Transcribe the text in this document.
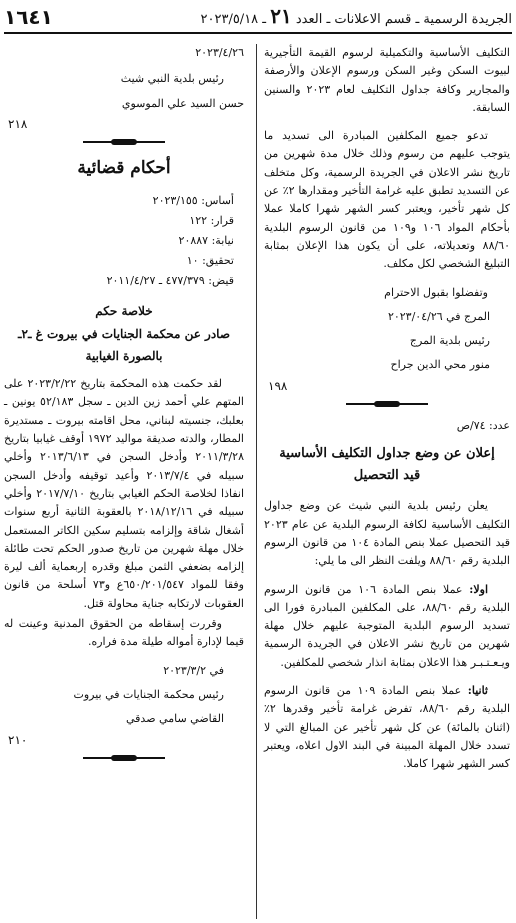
الجريدة الرسمية ـ قسم الاعلانات ـ العدد ٢١ ـ ٢٠٢٣/٥/١٨
١٦٤١
التكليف الأساسية والتكميلية لرسوم القيمة التأجيرية لبيوت السكن وغير السكن ورسوم الإعلان والأرصفة والمجارير وكافة جداول التكليف لعام ٢٠٢٣ والسنين السابقة.
تدعو جميع المكلفين المبادرة الى تسديد ما يتوجب عليهم من رسوم وذلك خلال مدة شهرين من تاريخ نشر الاعلان في الجريدة الرسمية، وكل متخلف عن التسديد تطبق عليه غرامة التأخير ومقدارها ٢٪ عن كل شهر تأخير، ويعتبر كسر الشهر شهرا كاملا عملا بأحكام المواد ١٠٦ و١٠٩ من قانون الرسوم البلدية ٨٨/٦٠ وتعديلاته، على أن يكون هذا الإعلان بمثابة التبليغ الشخصي لكل مكلف.
وتفضلوا بقبول الاحترام
المرج في ٢٠٢٣/٠٤/٢٦
رئيس بلدية المرج
منور محي الدين جراح
١٩٨
عدد: ٧٤/ص
إعلان عن وضع جداول التكليف الأساسية
قيد التحصيل
يعلن رئيس بلدية النبي شيث عن وضع جداول التكليف الأساسية لكافة الرسوم البلدية عن عام ٢٠٢٣ قيد التحصيل عملا بنص المادة ١٠٤ من قانون الرسوم البلدية رقم ٨٨/٦٠ ويلفت النظر الى ما يلي:
اولا: عملا بنص المادة ١٠٦ من قانون الرسوم البلدية رقم ٨٨/٦٠، على المكلفين المبادرة فورا الى تسديد الرسوم البلدية المتوجبة عليهم خلال مهلة شهرين من تاريخ نشر الاعلان في الجريدة الرسمية ويـعـتـبـر هذا الاعلان بمثابة انذار شخصي للمكلفين.
ثانيا: عملا بنص المادة ١٠٩ من قانون الرسوم البلدية رقم ٨٨/٦٠، تفرض غرامة تأخير وقدرها ٢٪ (اثنان بالمائة) عن كل شهر تأخير عن المبالغ التي لا تسدد خلال المهلة المبينة في البند الاول اعلاه، ويعتبر كسر الشهر شهرا كاملا.
٢٠٢٣/٤/٢٦
رئيس بلدية النبي شيث
حسن السيد علي الموسوي
٢١٨
أحكام قضائية
أساس: ٢٠٢٣/١٥٥
قرار: ١٢٢
نيابة: ٢٠٨٨٧
تحقيق: ١٠
قيض: ٤٧٧/٣٧٩ ـ ٢٠١١/٤/٢٧
خلاصة حكم
صادر عن محكمة الجنايات في بيروت غ ـ٢ـ
بالصورة الغيابية
لقد حكمت هذه المحكمة بتاريخ ٢٠٢٣/٢/٢٢ على المتهم علي أحمد زين الدين ـ سجل ٥٢/١٨٣ يونين ـ بعلبك، جنسيته لبناني، محل اقامته بيروت ـ مستديرة المطار، والدته صديقة مواليد ١٩٧٢ أوقف غيابيا بتاريخ ٢٠١١/٣/٢٨ وأدخل السجن في ٢٠١٣/٦/١٣ وأخلي سبيله في ٢٠١٣/٧/٤ وأعيد توقيفه وأدخل السجن انفاذا لخلاصة الحكم الغيابي بتاريخ ٢٠١٧/٧/١٠ وأخلي سبيله في ٢٠١٨/١٢/١٦ بالعقوبة الثانية أربع سنوات أشغال شاقة وإلزامه بتسليم سكين الكاتر المستعمل خلال مهلة شهرين من تاريخ صدور الحكم تحت طائلة إلزامه بضعفي الثمن مبلغ وقدره إربعماية ألف ليرة وفقا للمواد ٦٥٠/٢٠١/٥٤٧ع و٧٣ أسلحة من قانون العقوبات لارتكابه جناية محاولة قتل.
وقررت إسقاطه من الحقوق المدنية وعينت له قيما لإدارة أمواله طيلة مدة فراره.
في ٢٠٢٣/٣/٢
رئيس محكمة الجنايات في بيروت
القاضي سامي صدقي
٢١٠
